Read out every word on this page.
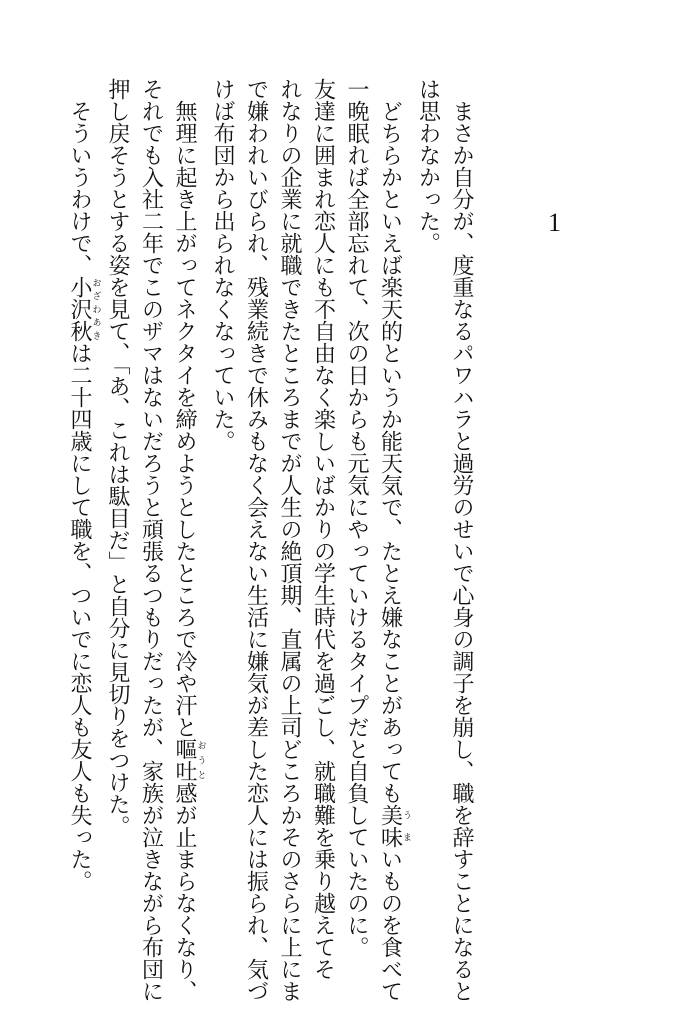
1

まさか自分が、度重なるパワハラと過労のせいで心身の調子を崩し、職を辞すことになると
は思わなかった。

どちらかといえば楽天的というか能天気で、たとえ嫌なことがあっても美味うまいものを食べて
一晩眠れば全部忘れて、次の日からも元気にやっていけるタイプだと自負していたのに。

友達に囲まれ恋人にも不自由なく楽しいばかりの学生時代を過ごし、就職難を乗り越えてそ
れなりの企業に就職できたところまでが人生の絶頂期、直属の上司どころかそのさらに上にま
で嫌われいびられ、残業続きで休みもなく会えない生活に嫌気が差した恋人には振られ、気づ
けば布団から出られなくなっていた。

無理に起き上がってネクタイを締めようとしたところで冷や汗と嘔吐おうと感が止まらなくなり、
それでも入社二年でこのザマはないだろうと頑張るつもりだったが、家族が泣きながら布団に
押し戻そうとする姿を見て、「あ、これは駄目だ」と自分に見切りをつけた。

そういうわけで、小沢秋おざわあきは二十四歳にして職を、ついでに恋人も友人も失った。
